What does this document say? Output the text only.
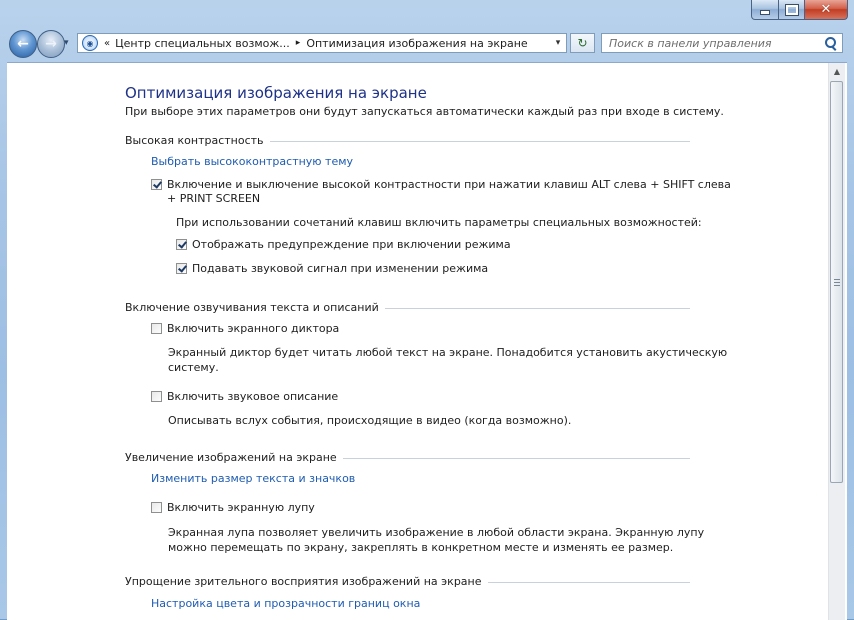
✕
← → ▾	◉	« Центр специальных возмож... ▸ Оптимизация изображения на экране	▾	↻
Поиск в панели управления
Оптимизация изображения на экране
При выборе этих параметров они будут запускаться автоматически каждый раз при входе в систему.
Высокая контрастность
Выбрать высококонтрастную тему
Включение и выключение высокой контрастности при нажатии клавиш ALT слева + SHIFT слева
+ PRINT SCREEN
При использовании сочетаний клавиш включить параметры специальных возможностей:
Отображать предупреждение при включении режима
Подавать звуковой сигнал при изменении режима
Включение озвучивания текста и описаний
Включить экранного диктора
Экранный диктор будет читать любой текст на экране. Понадобится установить акустическую
систему.
Включить звуковое описание
Описывать вслух события, происходящие в видео (когда возможно).
Увеличение изображений на экране
Изменить размер текста и значков
Включить экранную лупу
Экранная лупа позволяет увеличить изображение в любой области экрана. Экранную лупу
можно перемещать по экрану, закреплять в конкретном месте и изменять ее размер.
Упрощение зрительного восприятия изображений на экране
Настройка цвета и прозрачности границ окна
▲
